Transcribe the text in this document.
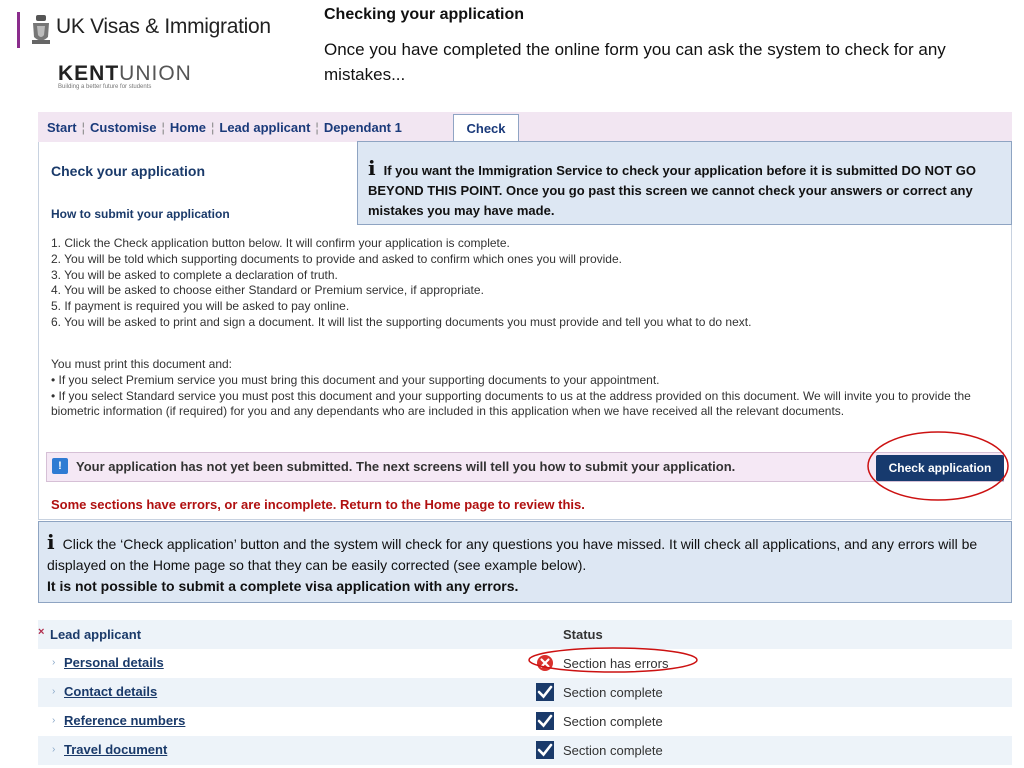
UK Visas & Immigration
KENTUNION
Building a better future for students
Checking your application
Once you have completed the online form you can ask the system to check for any mistakes...
Start ¦ Customise ¦ Home ¦ Lead applicant ¦ Dependant 1	Check
Check your application
How to submit your application
i If you want the Immigration Service to check your application before it is submitted DO NOT GO BEYOND THIS POINT. Once you go past this screen we cannot check your answers or correct any mistakes you may have made.
1. Click the Check application button below. It will confirm your application is complete.
2. You will be told which supporting documents to provide and asked to confirm which ones you will provide.
3. You will be asked to complete a declaration of truth.
4. You will be asked to choose either Standard or Premium service, if appropriate.
5. If payment is required you will be asked to pay online.
6. You will be asked to print and sign a document. It will list the supporting documents you must provide and tell you what to do next.
You must print this document and:
• If you select Premium service you must bring this document and your supporting documents to your appointment.
• If you select Standard service you must post this document and your supporting documents to us at the address provided on this document. We will invite you to provide the biometric information (if required) for you and any dependants who are included in this application when we have received all the relevant documents.
!	Your application has not yet been submitted. The next screens will tell you how to submit your application.	Check application
Some sections have errors, or are incomplete. Return to the Home page to review this.
i Click the ‘Check application’ button and the system will check for any questions you have missed. It will check all applications, and any errors will be displayed on the Home page so that they can be easily corrected (see example below).
It is not possible to submit a complete visa application with any errors.
× Lead applicant	Status
› Personal details	Section has errors
› Contact details	Section complete
› Reference numbers	Section complete
› Travel document	Section complete
